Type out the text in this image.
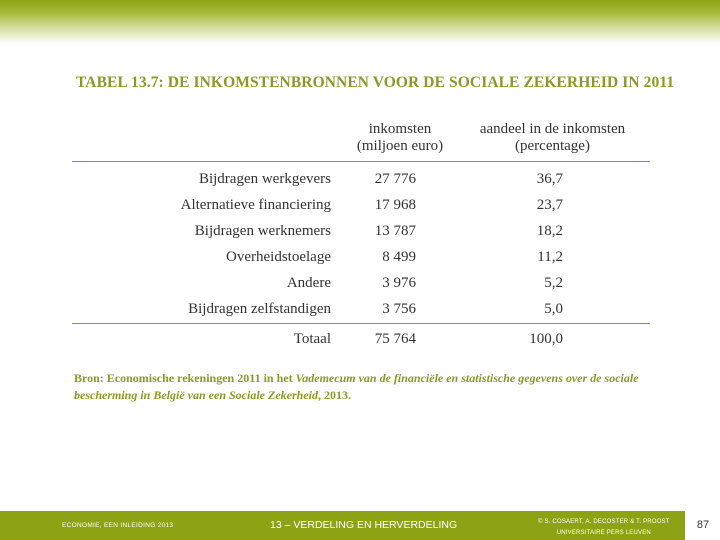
TABEL 13.7: DE INKOMSTENBRONNEN VOOR DE SOCIALE ZEKERHEID IN 2011
inkomsten
(miljoen euro)
aandeel in de inkomsten
(percentage)
Bijdragen werkgevers	27 776	36,7
Alternatieve financiering	17 968	23,7
Bijdragen werknemers	13 787	18,2
Overheidstoelage	8 499	11,2
Andere	3 976	5,2
Bijdragen zelfstandigen	3 756	5,0
Totaal	75 764	100,0
Bron: Economische rekeningen 2011 in het Vademecum van de financiële en statistische gegevens over de sociale bescherming in België van een Sociale Zekerheid, 2013.
ECONOMIE, EEN INLEIDING 2013	13 – VERDELING EN HERVERDELING	© S. COSAERT, A. DECOSTER & T. PROOST
UNIVERSITAIRE PERS LEUVEN
87
